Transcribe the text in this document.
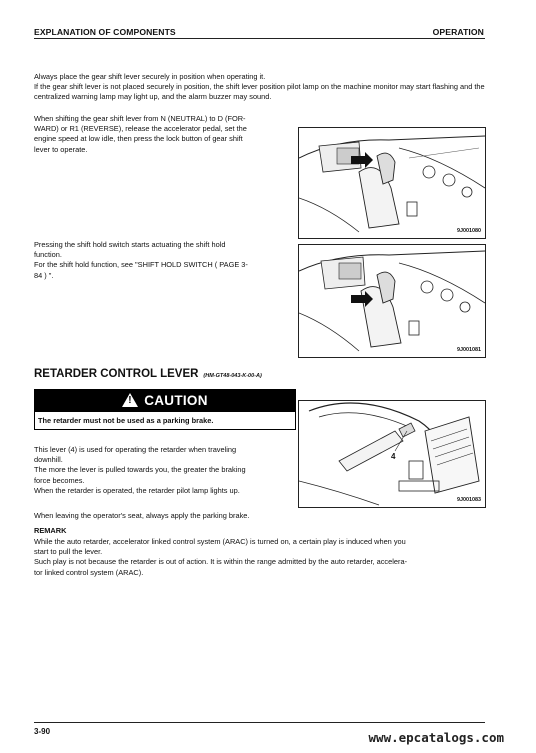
EXPLANATION OF COMPONENTS	OPERATION

Always place the gear shift lever securely in position when operating it.
If the gear shift lever is not placed securely in position, the shift lever position pilot lamp on the machine monitor may start flashing and the centralized warning lamp may light up, and the alarm buzzer may sound.

When shifting the gear shift lever from N (NEUTRAL) to D (FOR-
WARD) or R1 (REVERSE), release the accelerator pedal, set the
engine speed at low idle, then press the lock button of gear shift
lever to operate.

9J001080

Pressing the shift hold switch starts actuating the shift hold
function.
For the shift hold function, see "SHIFT HOLD SWITCH ( PAGE 3-
84 ) ".

9J001081
RETARDER CONTROL LEVER (HM-GT48-043-K-00-A)
!
CAUTION
The retarder must not be used as a parking brake.
4
9J001083

This lever (4) is used for operating the retarder when traveling
downhill.
The more the lever is pulled towards you, the greater the braking
force becomes.
When the retarder is operated, the retarder pilot lamp lights up.

When leaving the operator's seat, always apply the parking brake.

REMARK

While the auto retarder, accelerator linked control system (ARAC) is turned on, a certain play is induced when you
start to pull the lever.
Such play is not because the retarder is out of action. It is within the range admitted by the auto retarder, accelera-
tor linked control system (ARAC).

3-90	www.epcatalogs.com
